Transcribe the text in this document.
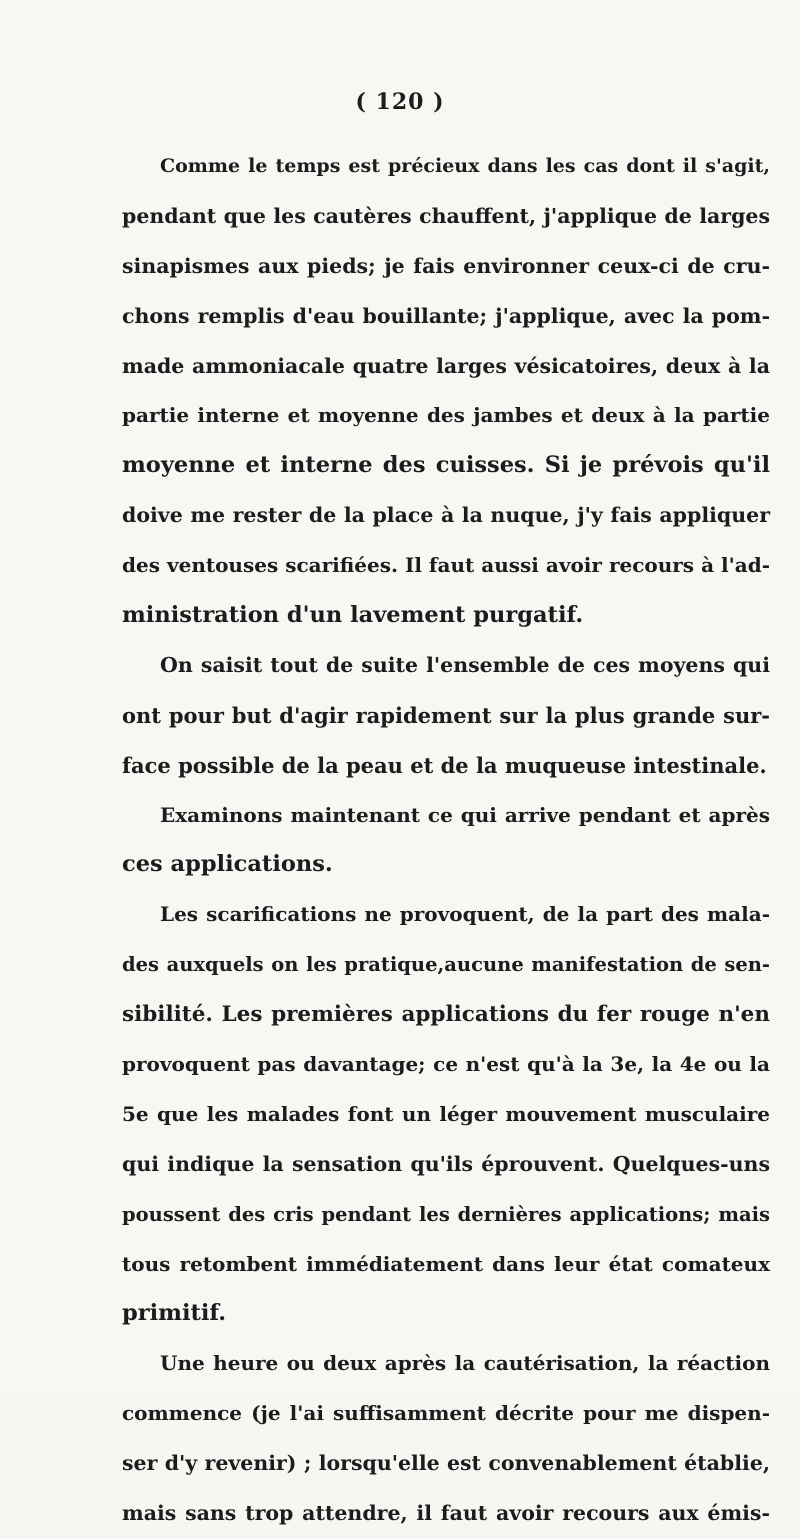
( 120 )
Comme le temps est précieux dans les cas dont il s'agit,
pendant que les cautères chauffent, j'applique de larges
sinapismes aux pieds; je fais environner ceux-ci de cru-
chons remplis d'eau bouillante; j'applique, avec la pom-
made ammoniacale quatre larges vésicatoires, deux à la
partie interne et moyenne des jambes et deux à la partie
moyenne et interne des cuisses. Si je prévois qu'il
doive me rester de la place à la nuque, j'y fais appliquer
des ventouses scarifiées. Il faut aussi avoir recours à l'ad-
ministration d'un lavement purgatif.
On saisit tout de suite l'ensemble de ces moyens qui
ont pour but d'agir rapidement sur la plus grande sur-
face possible de la peau et de la muqueuse intestinale.
Examinons maintenant ce qui arrive pendant et après
ces applications.
Les scarifications ne provoquent, de la part des mala-
des auxquels on les pratique,aucune manifestation de sen-
sibilité. Les premières applications du fer rouge n'en
provoquent pas davantage; ce n'est qu'à la 3e, la 4e ou la
5e que les malades font un léger mouvement musculaire
qui indique la sensation qu'ils éprouvent. Quelques-uns
poussent des cris pendant les dernières applications; mais
tous retombent immédiatement dans leur état comateux
primitif.
Une heure ou deux après la cautérisation, la réaction
commence (je l'ai suffisamment décrite pour me dispen-
ser d'y revenir) ; lorsqu'elle est convenablement établie,
mais sans trop attendre, il faut avoir recours aux émis-
